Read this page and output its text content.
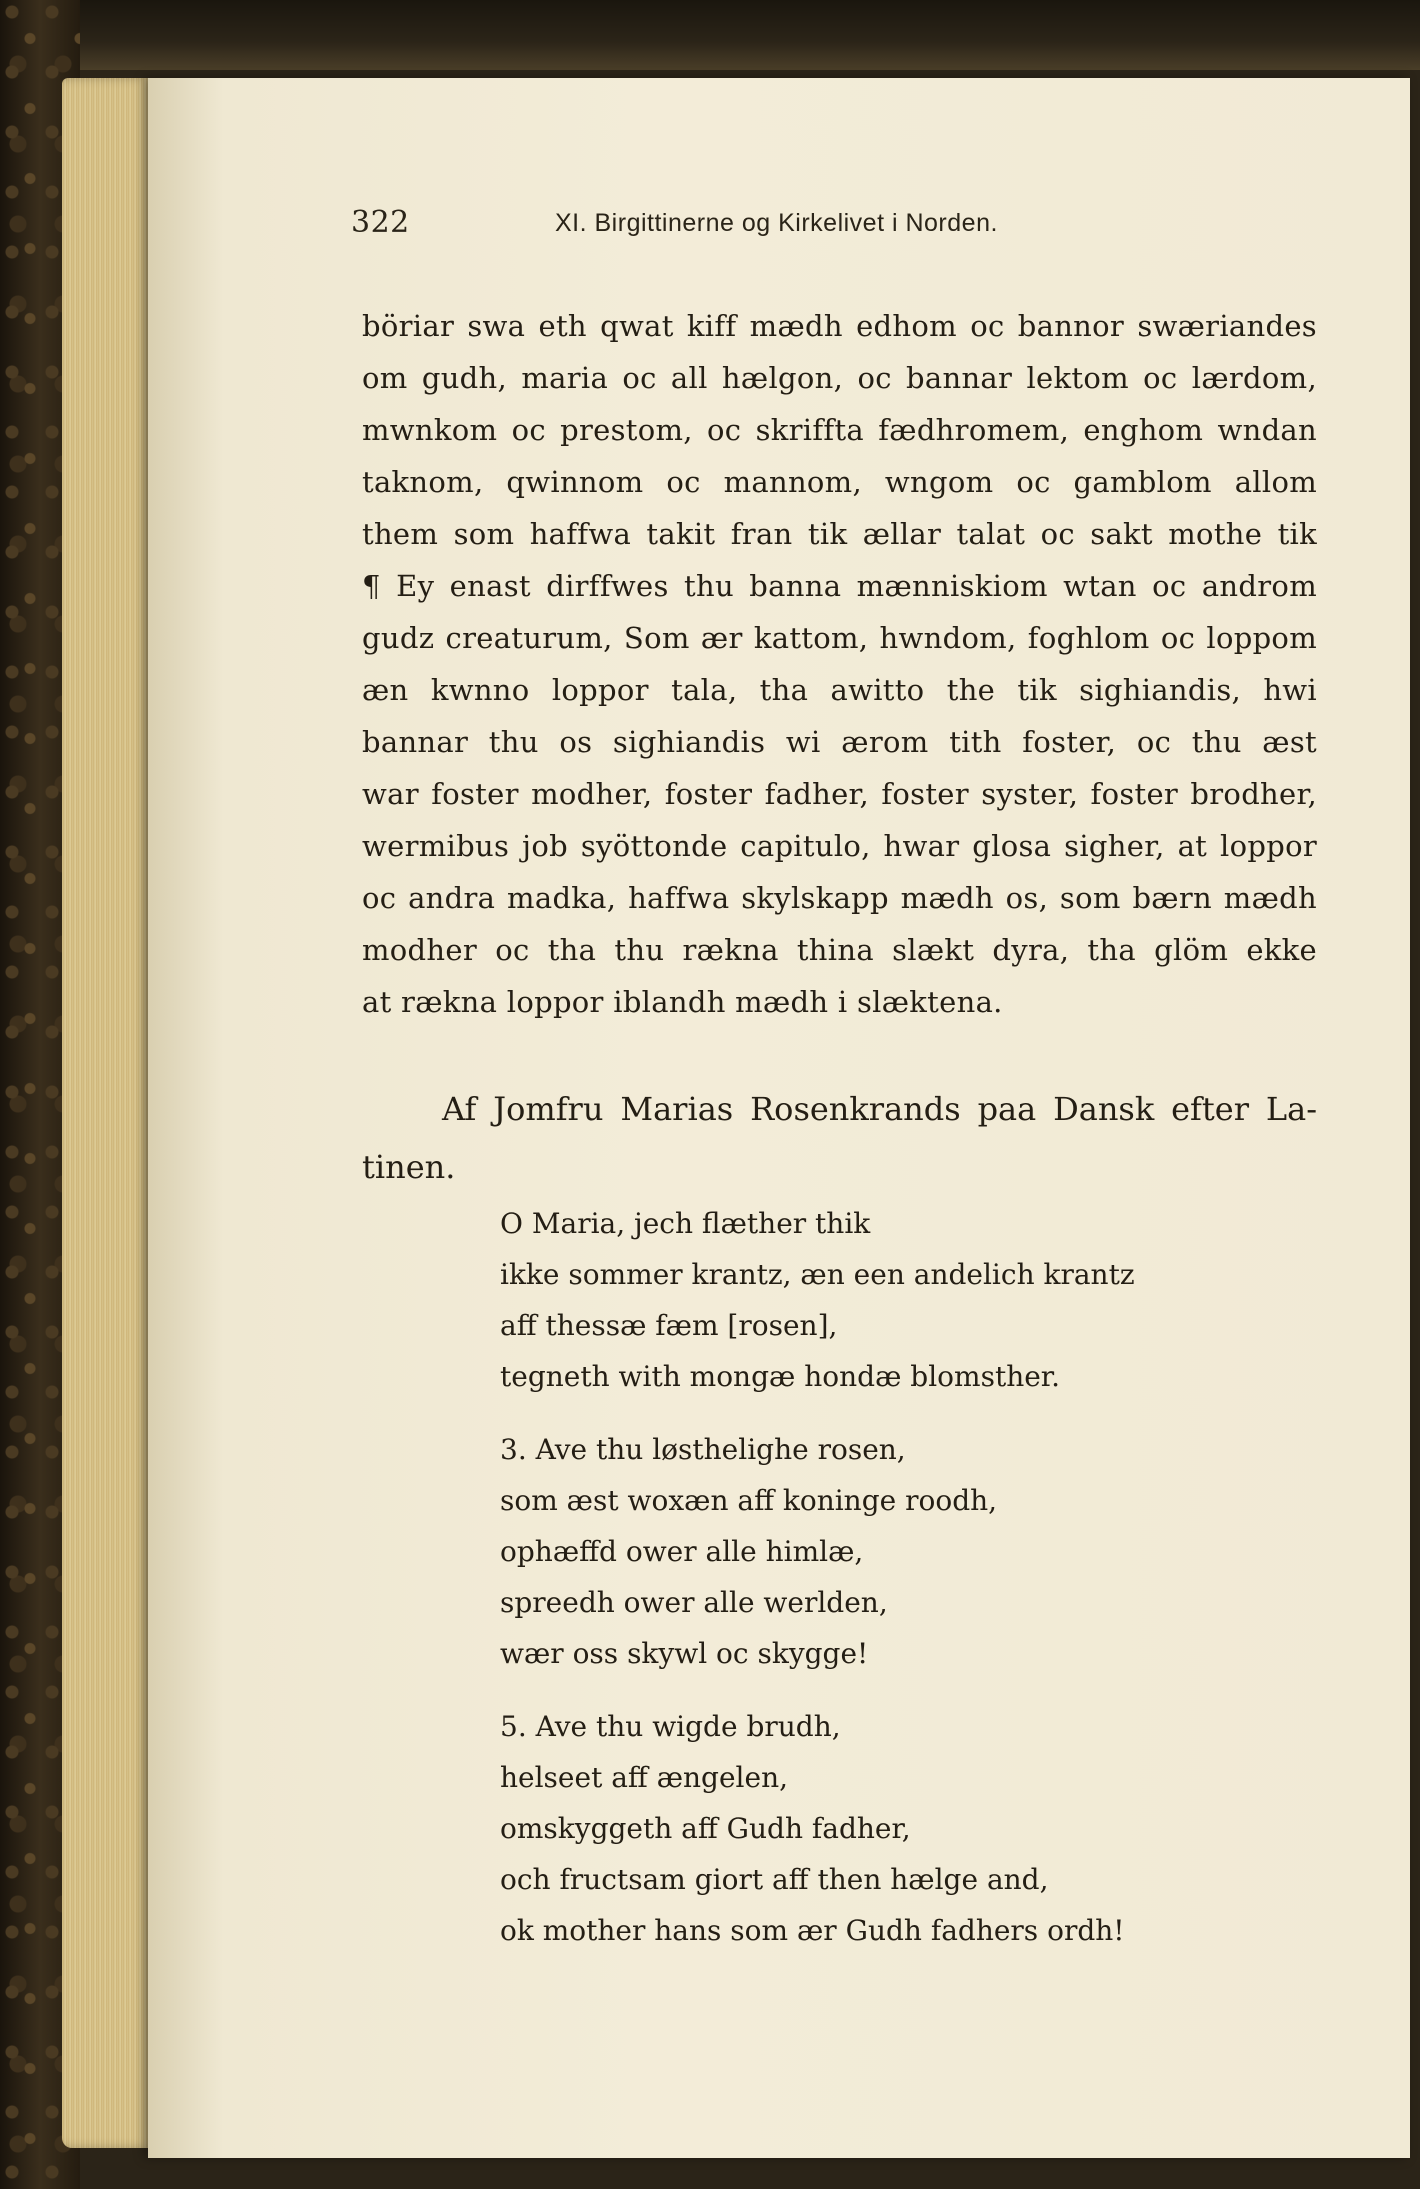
322	XI. Birgittinerne og Kirkelivet i Norden.
böriar swa eth qwat kiff mædh edhom oc bannor swæriandes
om gudh, maria oc all hælgon, oc bannar lektom oc lærdom,
mwnkom oc prestom, oc skriffta fædhromem, enghom wndan
taknom, qwinnom oc mannom, wngom oc gamblom allom
them som haffwa takit fran tik ællar talat oc sakt mothe tik
¶ Ey enast dirffwes thu banna mænniskiom wtan oc androm
gudz creaturum, Som ær kattom, hwndom, foghlom oc loppom
æn kwnno loppor tala, tha awitto the tik sighiandis, hwi
bannar thu os sighiandis wi ærom tith foster, oc thu æst
war foster modher, foster fadher, foster syster, foster brodher,
wermibus job syöttonde capitulo, hwar glosa sigher, at loppor
oc andra madka, haffwa skylskapp mædh os, som bærn mædh
modher oc tha thu rækna thina slækt dyra, tha glöm ekke
at rækna loppor iblandh mædh i slæktena.
Af Jomfru Marias Rosenkrands paa Dansk efter La-
tinen.
O Maria, jech flæther thik
ikke sommer krantz, æn een andelich krantz
aff thessæ fæm [rosen],
tegneth with mongæ hondæ blomsther.
3. Ave thu løsthelighe rosen,
som æst woxæn aff koninge roodh,
ophæffd ower alle himlæ,
spreedh ower alle werlden,
wær oss skywl oc skygge!
5. Ave thu wigde brudh,
helseet aff ængelen,
omskyggeth aff Gudh fadher,
och fructsam giort aff then hælge and,
ok mother hans som ær Gudh fadhers ordh!
